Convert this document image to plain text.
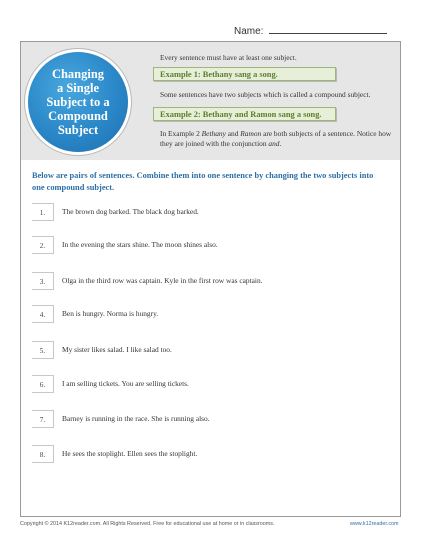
Name:
Changing
a Single
Subject to a
Compound
Subject
Every sentence must have at least one subject.
Example 1: Bethany sang a song.
Some sentences have two subjects which is called a compound subject.
Example 2: Bethany and Ramon sang a song.
In Example 2 Bethany and Ramon are both subjects of a sentence. Notice how they are joined with the conjunction and.
Below are pairs of sentences. Combine them into one sentence by changing the two subjects into one compound subject.
1.	The brown dog barked. The black dog barked.
2.	In the evening the stars shine. The moon shines also.
3.	Olga in the third row was captain. Kyle in the first row was captain.
4.	Ben is hungry. Norma is hungry.
5.	My sister likes salad. I like salad too.
6.	I am selling tickets. You are selling tickets.
7.	Barney is running in the race. She is running also.
8.	He sees the stoplight. Ellen sees the stoplight.
Copyright © 2014 K12reader.com. All Rights Reserved. Free for educational use at home or in classrooms.	www.k12reader.com
